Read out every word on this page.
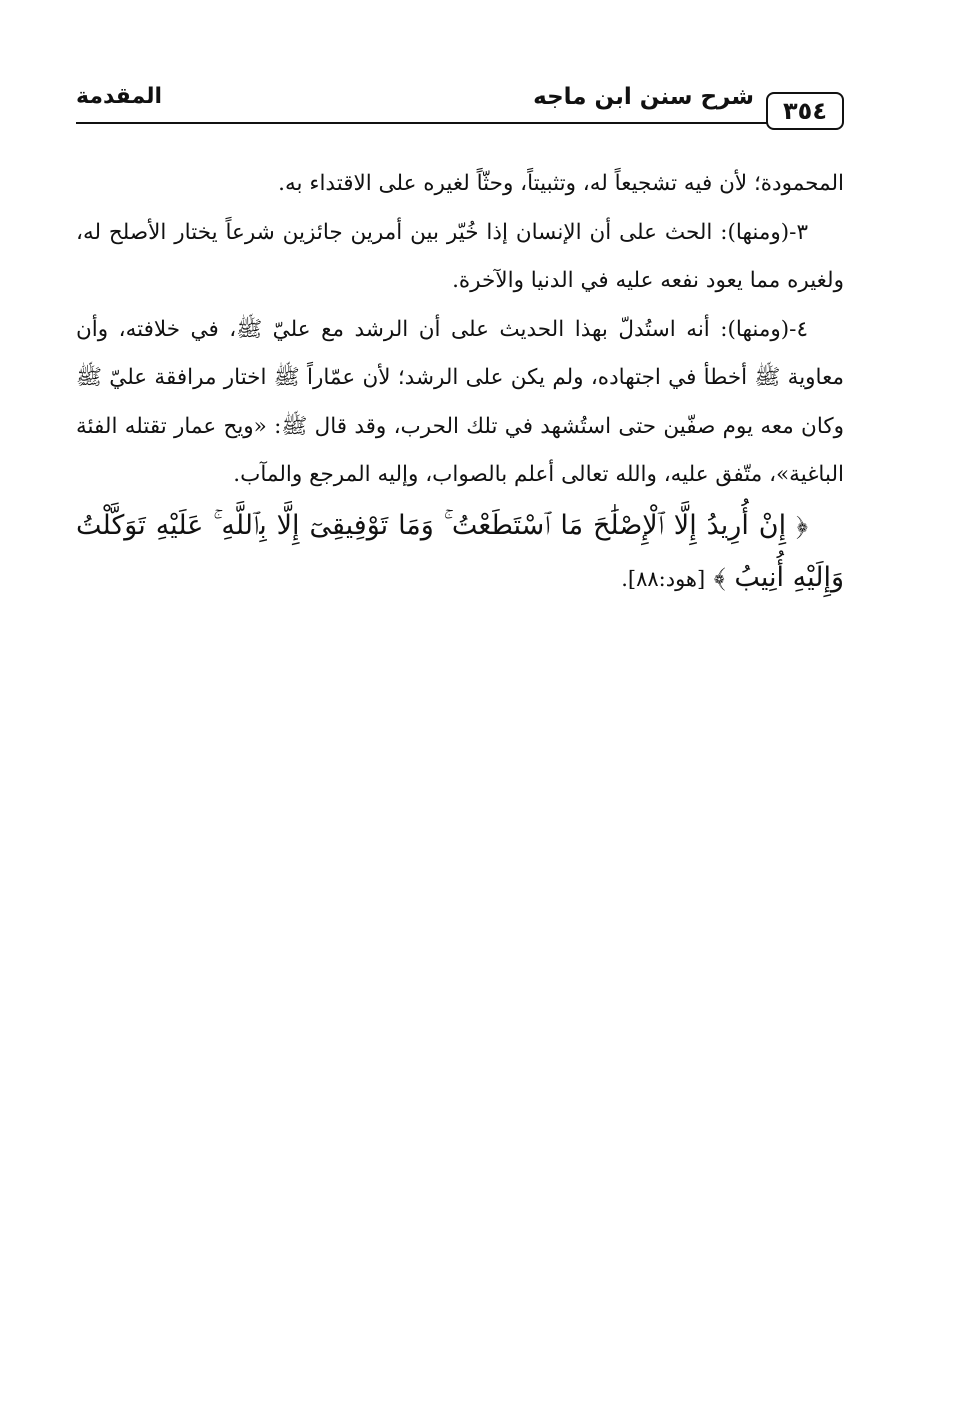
٣٥٤
شرح سنن ابن ماجه
المقدمة

المحمودة؛ لأن فيه تشجيعاً له، وتثبيتاً، وحثّاً لغيره على الاقتداء به.

٣-(ومنها): الحث على أن الإنسان إذا خُيّر بين أمرين جائزين شرعاً يختار الأصلح له، ولغيره مما يعود نفعه عليه في الدنيا والآخرة.

٤-(ومنها): أنه استُدلّ بهذا الحديث على أن الرشد مع عليّ ﷺ، في خلافته، وأن معاوية ﷺ أخطأ في اجتهاده، ولم يكن على الرشد؛ لأن عمّاراً ﷺ اختار مرافقة عليّ ﷺ وكان معه يوم صفّين حتى استُشهد في تلك الحرب، وقد قال ﷺ: «ويح عمار تقتله الفئة الباغية»، متّفق عليه، والله تعالى أعلم بالصواب، وإليه المرجع والمآب.

﴿ إِنْ أُرِيدُ إِلَّا ٱلْإِصْلَٰحَ مَا ٱسْتَطَعْتُ ۚ وَمَا تَوْفِيقِىٓ إِلَّا بِٱللَّهِ ۚ عَلَيْهِ تَوَكَّلْتُ وَإِلَيْهِ أُنِيبُ ﴾ [هود:٨٨].
